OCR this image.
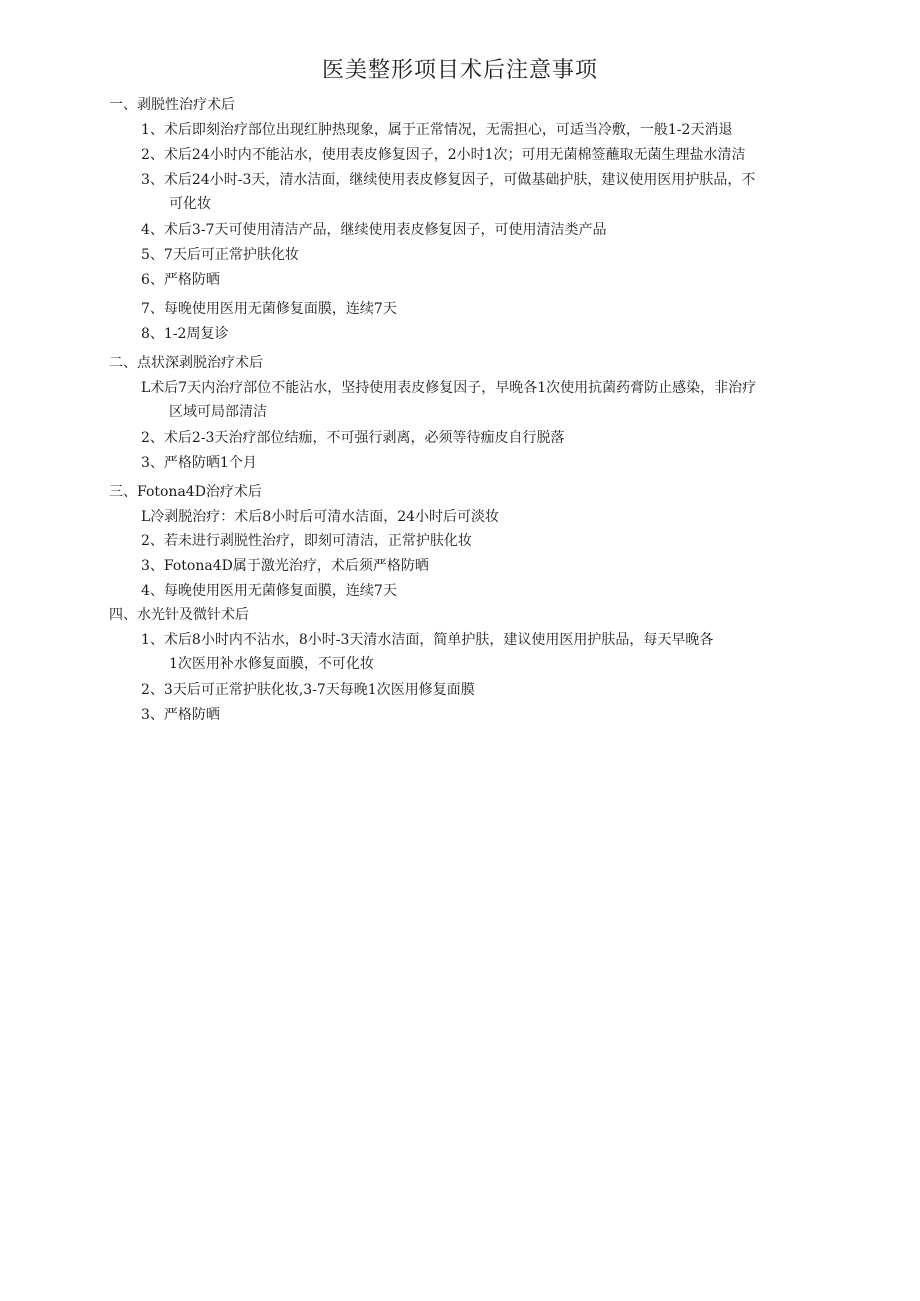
医美整形项目术后注意事项
一、剥脱性治疗术后
1、术后即刻治疗部位出现红肿热现象，属于正常情况，无需担心，可适当冷敷，一般1-2天消退
2、术后24小时内不能沾水，使用表皮修复因子，2小时1次；可用无菌棉签蘸取无菌生理盐水清洁
3、术后24小时-3天，清水洁面，继续使用表皮修复因子，可做基础护肤，建议使用医用护肤品，不
可化妆
4、术后3-7天可使用清洁产品，继续使用表皮修复因子，可使用清洁类产品
5、7天后可正常护肤化妆
6、严格防晒
7、每晚使用医用无菌修复面膜，连续7天
8、1-2周复诊
二、点状深剥脱治疗术后
L术后7天内治疗部位不能沾水，坚持使用表皮修复因子，早晚各1次使用抗菌药膏防止感染，非治疗
区域可局部清洁
2、术后2-3天治疗部位结痂，不可强行剥离，必须等待痂皮自行脱落
3、严格防晒1个月
三、Fotona4D治疗术后
L冷剥脱治疗：术后8小时后可清水洁面，24小时后可淡妆
2、若未进行剥脱性治疗，即刻可清洁，正常护肤化妆
3、Fotona4D属于激光治疗，术后须严格防晒
4、每晚使用医用无菌修复面膜，连续7天
四、水光针及微针术后
1、术后8小时内不沾水，8小时-3天清水洁面，简单护肤，建议使用医用护肤品，每天早晚各
1次医用补水修复面膜，不可化妆
2、3天后可正常护肤化妆,3-7天每晚1次医用修复面膜
3、严格防晒
